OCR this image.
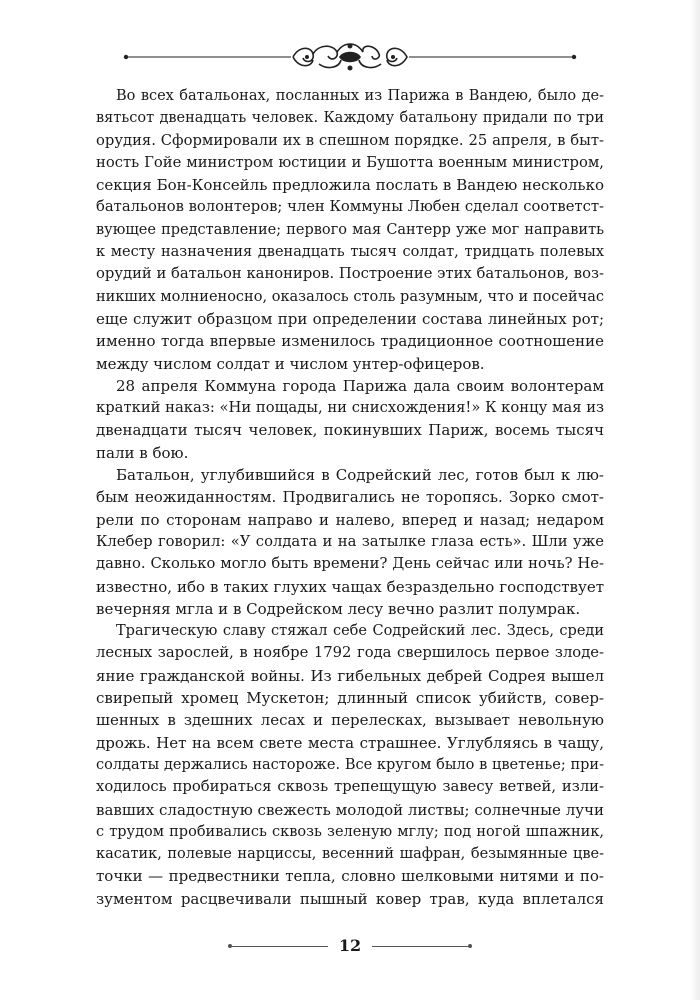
Во всех батальонах, посланных из Парижа в Вандею, было де-
вятьсот двенадцать человек. Каждому батальону придали по три
орудия. Сформировали их в спешном порядке. 25 апреля, в быт-
ность Гойе министром юстиции и Бушотта военным министром,
секция Бон-Консейль предложила послать в Вандею несколько
батальонов волонтеров; член Коммуны Любен сделал соответст-
вующее представление; первого мая Сантерр уже мог направить
к месту назначения двенадцать тысяч солдат, тридцать полевых
орудий и батальон канониров. Построение этих батальонов, воз-
никших молниеносно, оказалось столь разумным, что и посейчас
еще служит образцом при определении состава линейных рот;
именно тогда впервые изменилось традиционное соотношение
между числом солдат и числом унтер-офицеров.

28 апреля Коммуна города Парижа дала своим волонтерам
краткий наказ: «Ни пощады, ни снисхождения!» К концу мая из
двенадцати тысяч человек, покинувших Париж, восемь тысяч
пали в бою.

Батальон, углубившийся в Содрейский лес, готов был к лю-
бым неожиданностям. Продвигались не торопясь. Зорко смот-
рели по сторонам направо и налево, вперед и назад; недаром
Клебер говорил: «У солдата и на затылке глаза есть». Шли уже
давно. Сколько могло быть времени? День сейчас или ночь? Не-
известно, ибо в таких глухих чащах безраздельно господствует
вечерняя мгла и в Содрейском лесу вечно разлит полумрак.

Трагическую славу стяжал себе Содрейский лес. Здесь, среди
лесных зарослей, в ноябре 1792 года свершилось первое злоде-
яние гражданской войны. Из гибельных дебрей Содрея вышел
свирепый хромец Мускетон; длинный список убийств, совер-
шенных в здешних лесах и перелесках, вызывает невольную
дрожь. Нет на всем свете места страшнее. Углубляясь в чащу,
солдаты держались настороже. Все кругом было в цветенье; при-
ходилось пробираться сквозь трепещущую завесу ветвей, изли-
вавших сладостную свежесть молодой листвы; солнечные лучи
с трудом пробивались сквозь зеленую мглу; под ногой шпажник,
касатик, полевые нарциссы, весенний шафран, безымянные цве-
точки — предвестники тепла, словно шелковыми нитями и по-
зументом расцвечивали пышный ковер трав, куда вплетался

12
